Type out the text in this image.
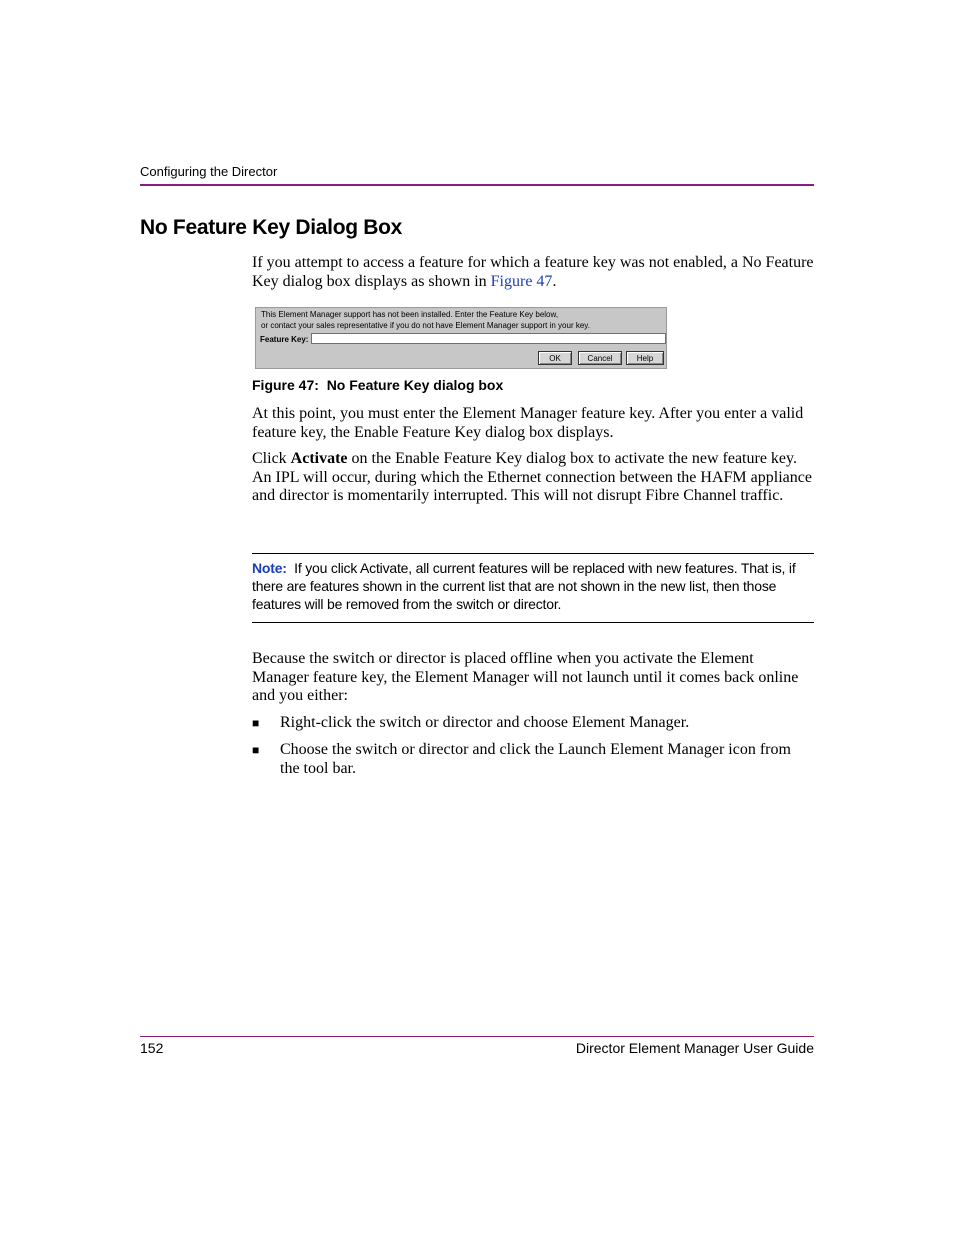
Configuring the Director
No Feature Key Dialog Box

If you attempt to access a feature for which a feature key was not enabled, a No Feature Key dialog box displays as shown in Figure 47.

This Element Manager support has not been installed. Enter the Feature Key below,
or contact your sales representative if you do not have Element Manager support in your key.
Feature Key:
OK	Cancel	Help
Figure 47: No Feature Key dialog box

At this point, you must enter the Element Manager feature key. After you enter a valid feature key, the Enable Feature Key dialog box displays.

Click Activate on the Enable Feature Key dialog box to activate the new feature key. An IPL will occur, during which the Ethernet connection between the HAFM appliance and director is momentarily interrupted. This will not disrupt Fibre Channel traffic.

Note: If you click Activate, all current features will be replaced with new features. That is, if there are features shown in the current list that are not shown in the new list, then those features will be removed from the switch or director.

Because the switch or director is placed offline when you activate the Element Manager feature key, the Element Manager will not launch until it comes back online and you either:

■ Right-click the switch or director and choose Element Manager.
■ Choose the switch or director and click the Launch Element Manager icon from the tool bar.
152	Director Element Manager User Guide
